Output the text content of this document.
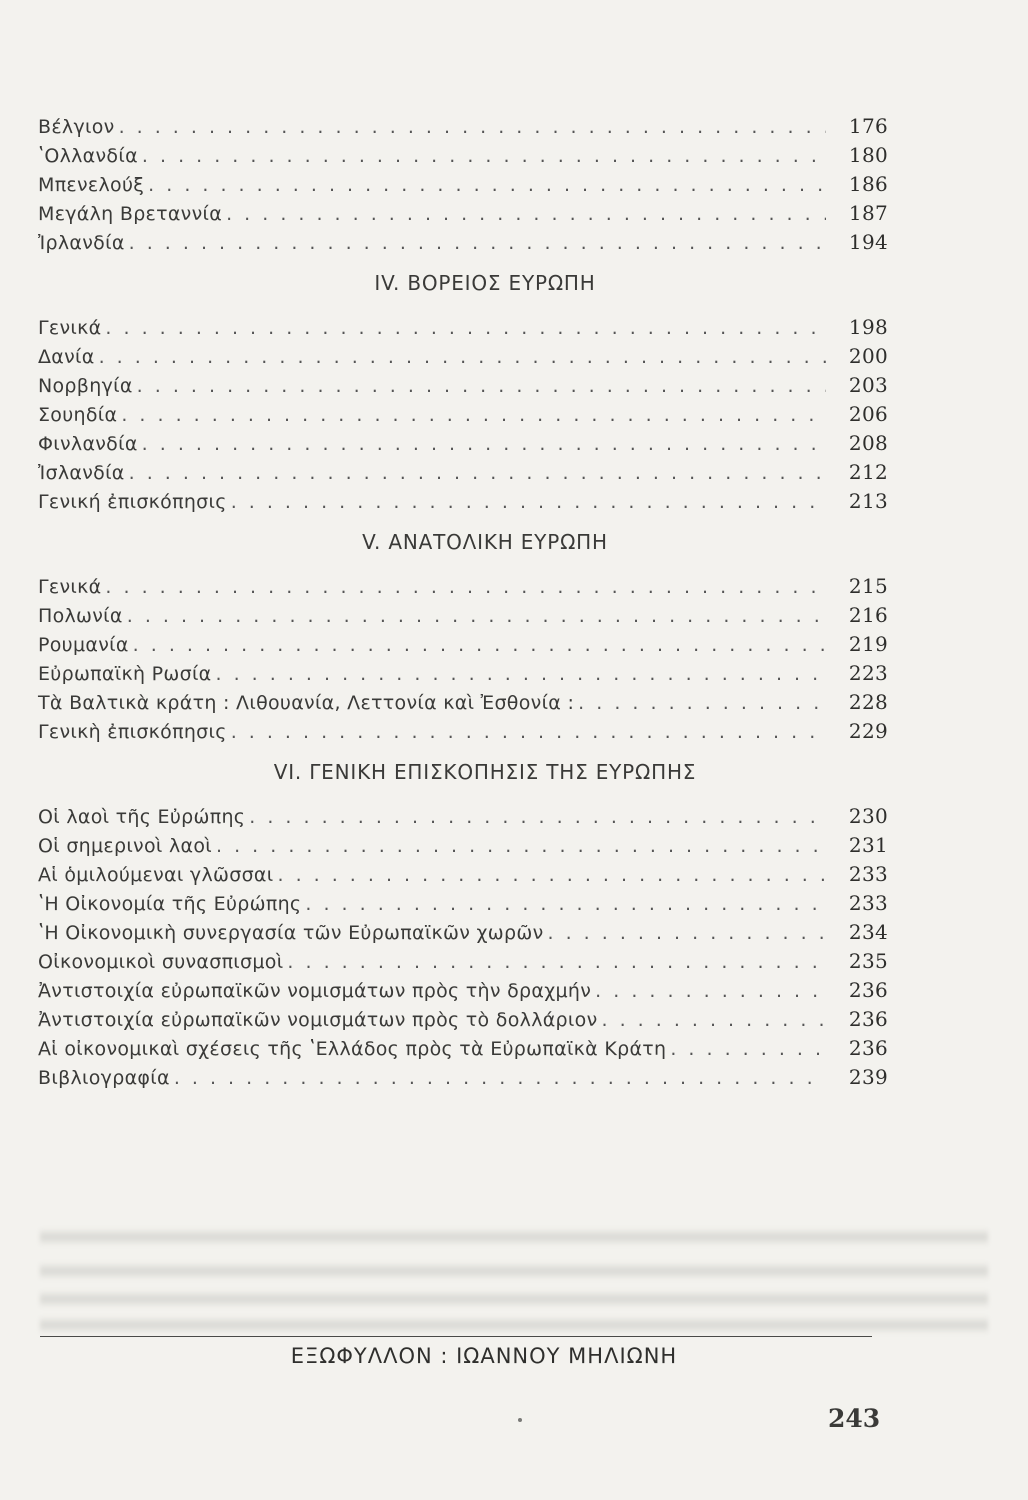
Βέλγιον . . .	176
ʽΟλλανδία . . .	180
Μπενελούξ . . .	186
Μεγάλη Βρεταννία . . .	187
Ἰρλανδία . . .	194
IV. ΒΟΡΕΙΟΣ ΕΥΡΩΠΗ
Γενικά . . .	198
Δανία . . .	200
Νορβηγία . . .	203
Σουηδία . . .	206
Φινλανδία . . .	208
Ἰσλανδία . . .	212
Γενική ἐπισκόπησις . . .	213
V. ΑΝΑΤΟΛΙΚΗ ΕΥΡΩΠΗ
Γενικά . . .	215
Πολωνία . . .	216
Ρουμανία . . .	219
Εὐρωπαϊκὴ Ρωσία . . .	223
Τὰ Βαλτικὰ κράτη : Λιθουανία, Λεττονία καὶ Ἐσθονία : . . .	228
Γενικὴ ἐπισκόπησις . . .	229
VI. ΓΕΝΙΚΗ ΕΠΙΣΚΟΠΗΣΙΣ ΤΗΣ ΕΥΡΩΠΗΣ
Οἱ λαοὶ τῆς Εὐρώπης . . .	230
Οἱ σημερινοὶ λαοὶ . . .	231
Αἱ ὁμιλούμεναι γλῶσσαι . . .	233
ʽΗ Οἰκονομία τῆς Εὐρώπης . . .	233
ʽΗ Οἰκονομικὴ συνεργασία τῶν Εὐρωπαϊκῶν χωρῶν . . .	234
Οἰκονομικοὶ συνασπισμοὶ . . .	235
Ἀντιστοιχία εὐρωπαϊκῶν νομισμάτων πρὸς τὴν δραχμήν . . .	236
Ἀντιστοιχία εὐρωπαϊκῶν νομισμάτων πρὸς τὸ δολλάριον . . .	236
Αἱ οἰκονομικαὶ σχέσεις τῆς ʽΕλλάδος πρὸς τὰ Εὐρωπαϊκὰ Κράτη . . .	236
Βιβλιογραφία . . .	239
ΕΞΩΦΥΛΛΟΝ : ΙΩΑΝΝΟΥ ΜΗΛΙΩΝΗ
243
